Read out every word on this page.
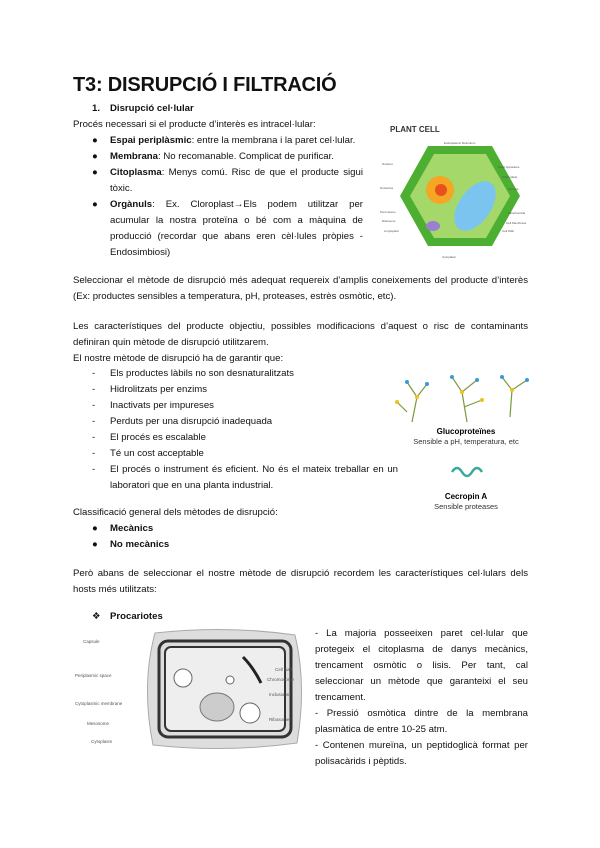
T3: DISRUPCIÓ I FILTRACIÓ
1. Disrupció cel·lular
Procés necessari si el producte d’interès es intracel·lular:
● Espai periplàsmic: entre la membrana i la paret cel·lular.
● Membrana: No recomanable. Complicat de purificar.
● Citoplasma: Menys comú. Risc de que el producte sigui tòxic.
● Orgànuls: Ex. Cloroplast→Els podem utilitzar per acumular la nostra proteïna o bé com a màquina de producció (recordar que abans eren cèl·lules pròpies - Endosimbiosi)
PLANT CELL
Nucleus
Nucleolus
Peroxisome
Ribosome
Amyloplast
Endoplasmic Reticulum
Golgi Apparatus
Chloroplast
Vacuole
Mitochondria
Cell Membrane
Cell Wall
Cytoplasm
Seleccionar el mètode de disrupció més adequat requereix d’amplis coneixements del producte d’interès (Ex: productes sensibles a temperatura, pH, proteases, estrès osmòtic, etc).
Les característiques del producte objectiu, possibles modificacions d’aquest o risc de contaminants definiran quin mètode de disrupció utilitzarem.
El nostre mètode de disrupció ha de garantir que:
- Els productes làbils no son desnaturalitzats
- Hidrolitzats per enzims
- Inactivats per impureses
- Perduts per una disrupció inadequada
- El procés es escalable
- Té un cost acceptable
- El procés o instrument és eficient. No és el mateix treballar en un laboratori que en una planta industrial.
Glucoproteïnes
Sensible a pH, temperatura, etc
Cecropin A
Sensible proteases
Classificació general dels mètodes de disrupció:
● Mecànics
● No mecànics
Però abans de seleccionar el nostre mètode de disrupció recordem les característiques cel·lulars dels hosts més utilitzats:
❖ Procariotes
Capsule
Periplasmic space
Cytoplasmic membrane
Mesosome
Cytoplasm
Cell wall
Chromosome
Inclusions
Ribosome
- La majoria posseeixen paret cel·lular que protegeix el citoplasma de danys mecànics, trencament osmòtic o lisis. Per tant, cal seleccionar un mètode que garanteixi el seu trencament.
- Pressió osmòtica dintre de la membrana plasmàtica de entre 10-25 atm.
- Contenen mureïna, un peptidoglicà format per polisacàrids i pèptids.
